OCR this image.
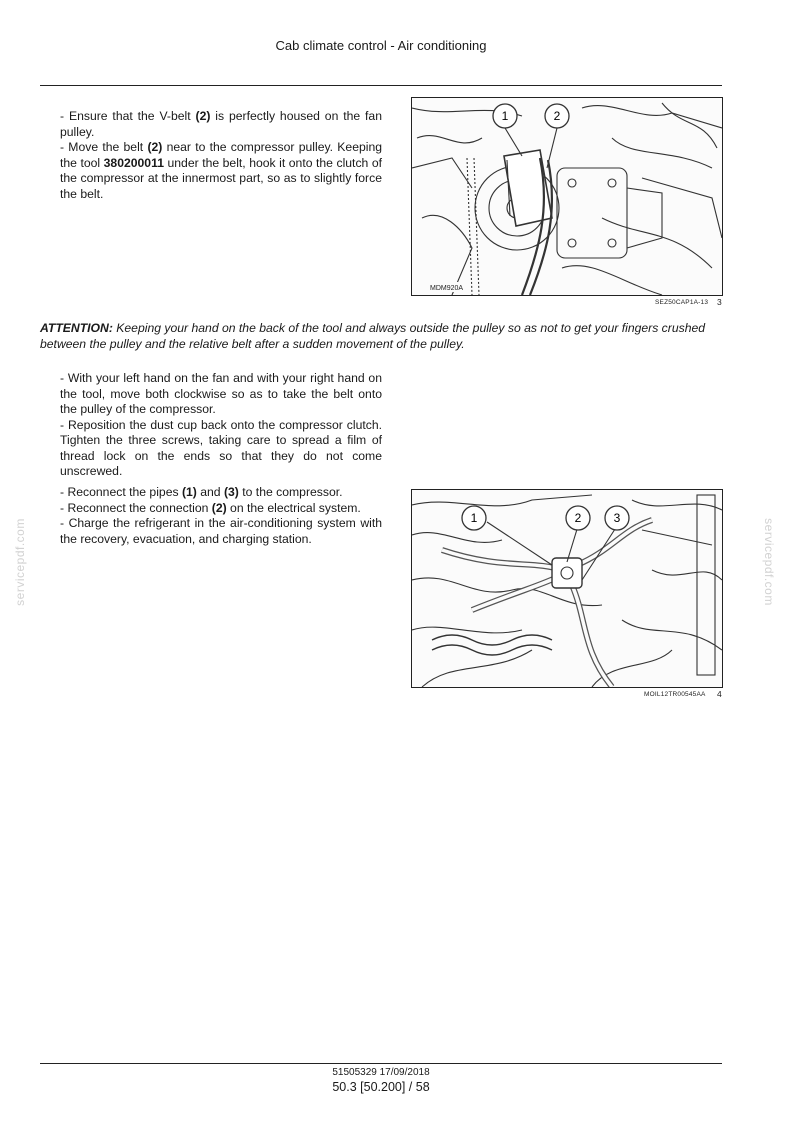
Cab climate control - Air conditioning

- Ensure that the V-belt (2) is perfectly housed on the fan pulley.

- Move the belt (2) near to the compressor pulley. Keeping the tool 380200011 under the belt, hook it onto the clutch of the compressor at the innermost part, so as to slightly force the belt.

1	2
MDM920A
SEZ50CAP1A-13 3
ATTENTION: Keeping your hand on the back of the tool and always outside the pulley so as not to get your fingers crushed between the pulley and the relative belt after a sudden movement of the pulley.

- With your left hand on the fan and with your right hand on the tool, move both clockwise so as to take the belt onto the pulley of the compressor.

- Reposition the dust cup back onto the compressor clutch. Tighten the three screws, taking care to spread a film of thread lock on the ends so that they do not come unscrewed.

- Reconnect the pipes (1) and (3) to the compressor.

- Reconnect the connection (2) on the electrical system.

- Charge the refrigerant in the air-conditioning system with the recovery, evacuation, and charging station.

1	2	3
MOIL12TR00545AA 4
servicepdf.com	servicepdf.com
51505329 17/09/2018
50.3 [50.200] / 58
